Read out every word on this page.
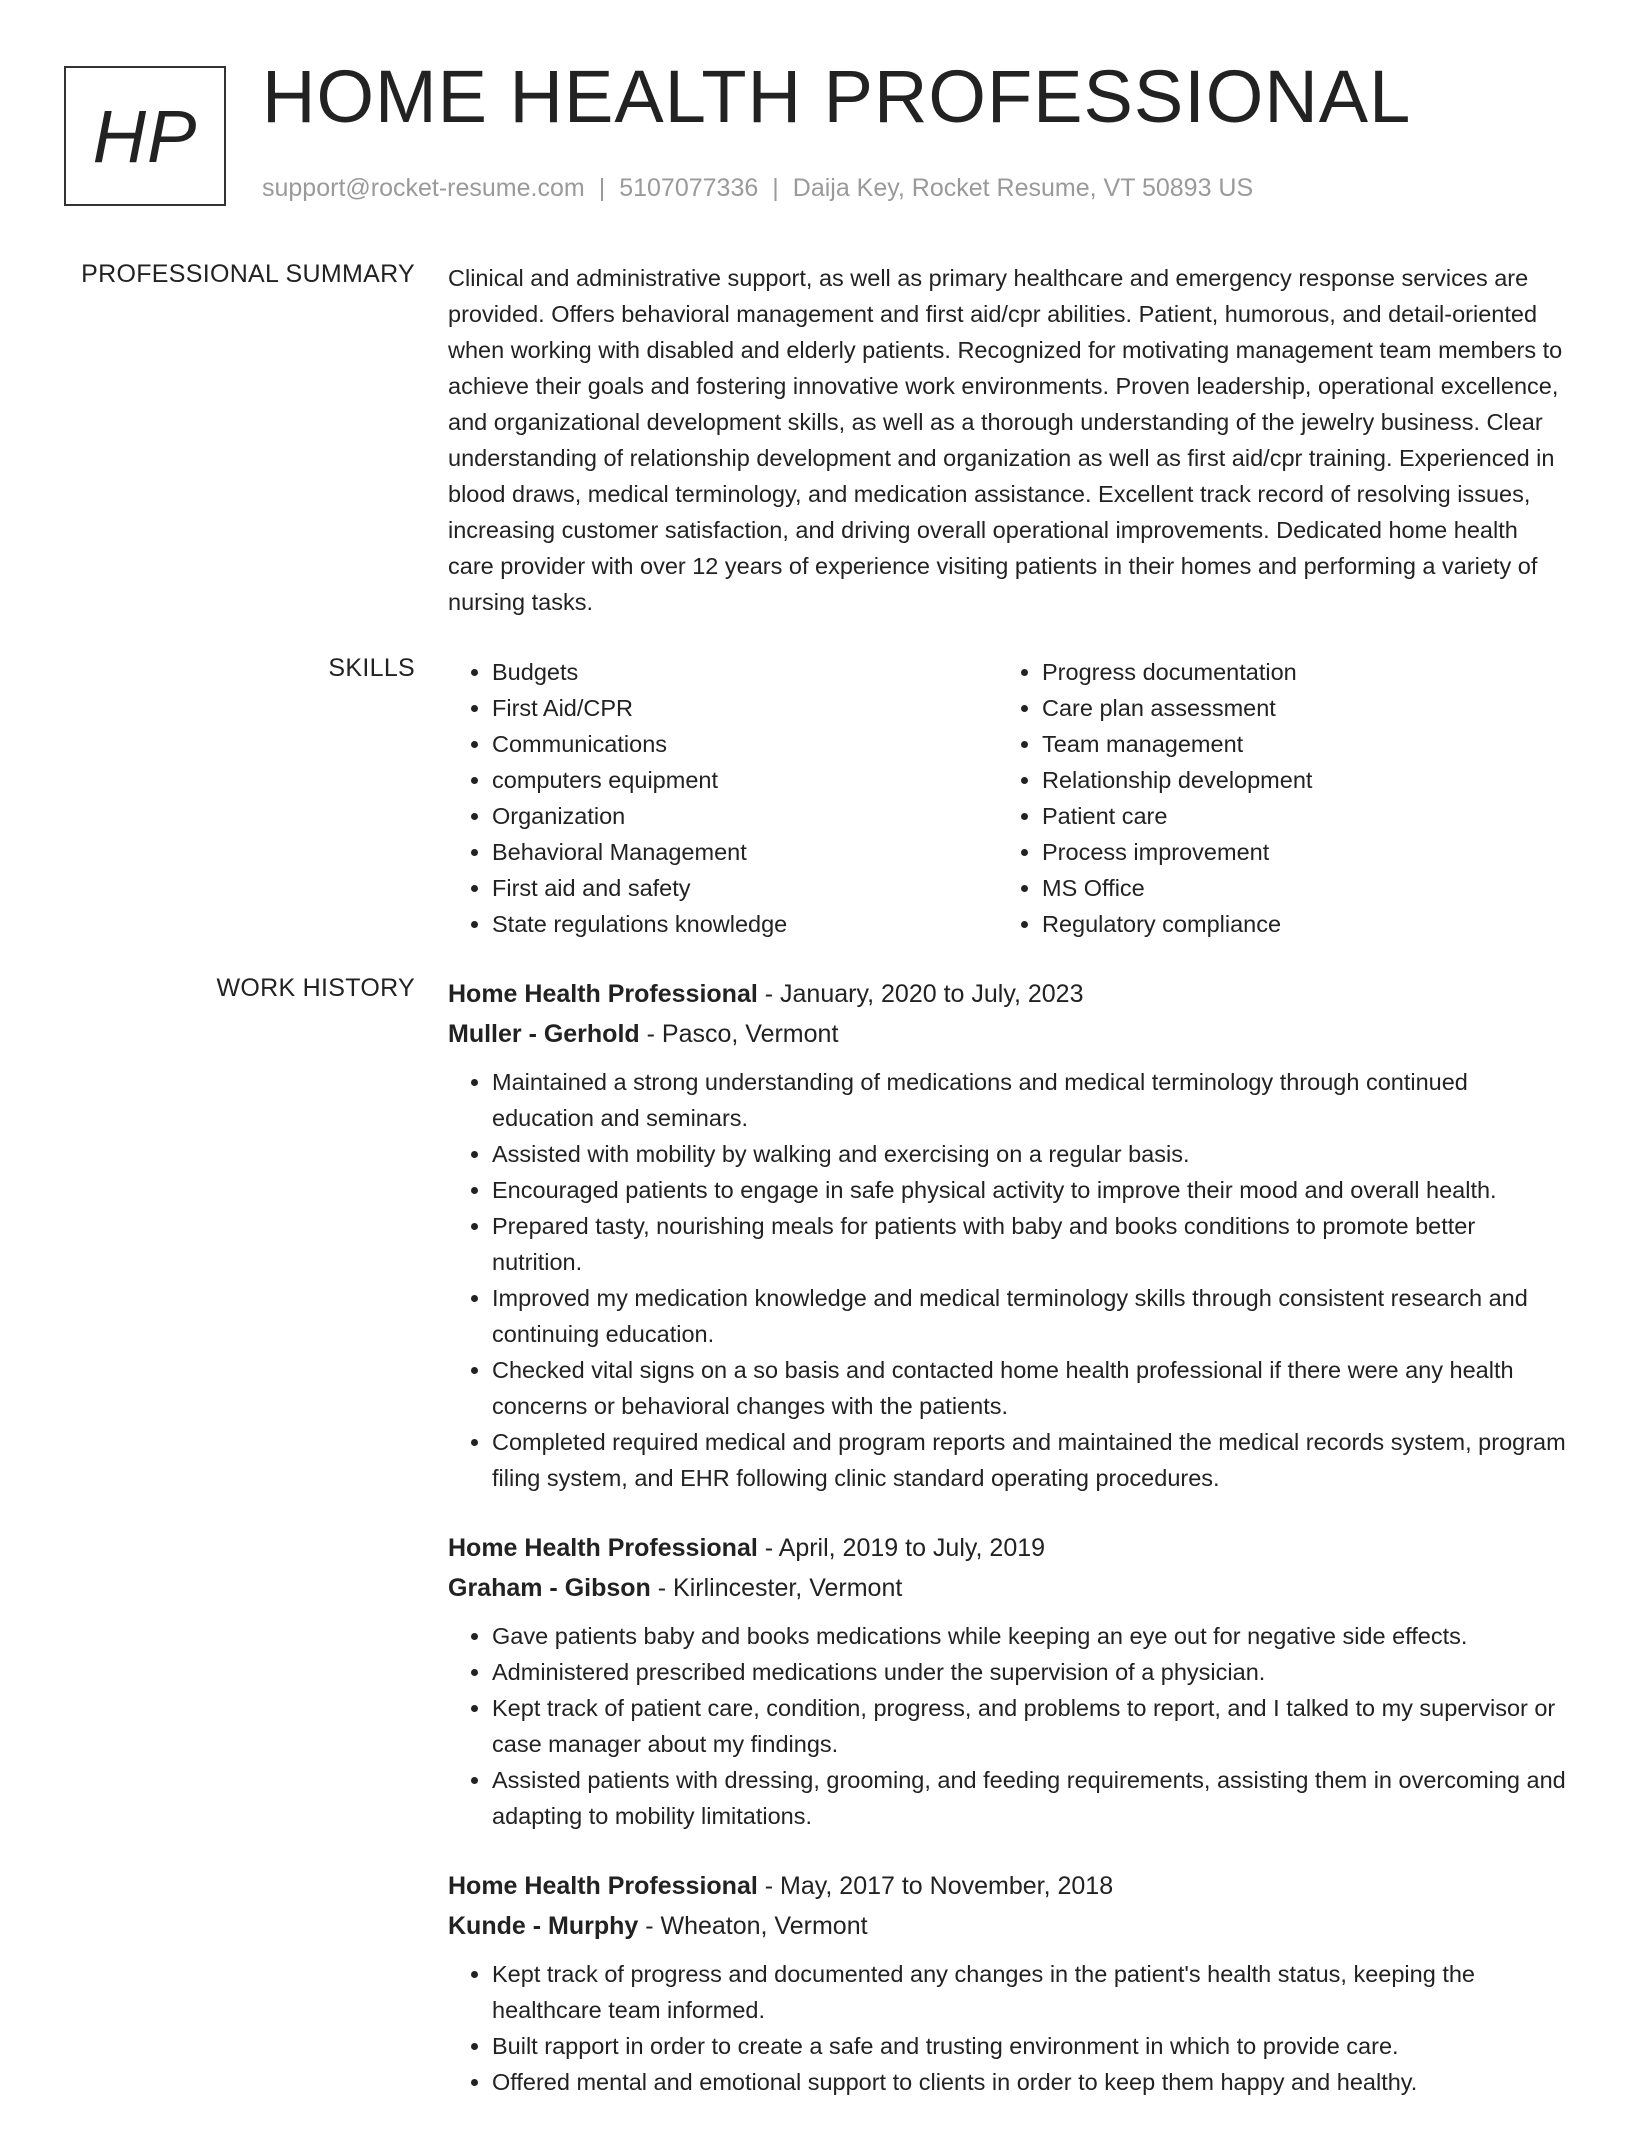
HP HOME HEALTH PROFESSIONAL
support@rocket-resume.com | 5107077336 | Daija Key, Rocket Resume, VT 50893 US
PROFESSIONAL SUMMARY Clinical and administrative support, as well as primary healthcare and emergency response services are provided. Offers behavioral management and first aid/cpr abilities. Patient, humorous, and detail-oriented when working with disabled and elderly patients. Recognized for motivating management team members to achieve their goals and fostering innovative work environments. Proven leadership, operational excellence, and organizational development skills, as well as a thorough understanding of the jewelry business. Clear understanding of relationship development and organization as well as first aid/cpr training. Experienced in blood draws, medical terminology, and medication assistance. Excellent track record of resolving issues, increasing customer satisfaction, and driving overall operational improvements. Dedicated home health care provider with over 12 years of experience visiting patients in their homes and performing a variety of nursing tasks.

SKILLS
•	Budgets
• First Aid/CPR
• Communications
• computers equipment
• Organization
• Behavioral Management
• First aid and safety
• State regulations knowledge
• Progress documentation
• Care plan assessment
• Team management
• Relationship development
• Patient care
• Process improvement
• MS Office
• Regulatory compliance
WORK HISTORY Home Health Professional - January, 2020 to July, 2023
Muller - Gerhold - Pasco, Vermont
• Maintained a strong understanding of medications and medical terminology through continued education and seminars.
• Assisted with mobility by walking and exercising on a regular basis.
• Encouraged patients to engage in safe physical activity to improve their mood and overall health.
• Prepared tasty, nourishing meals for patients with baby and books conditions to promote better nutrition.
• Improved my medication knowledge and medical terminology skills through consistent research and continuing education.
• Checked vital signs on a so basis and contacted home health professional if there were any health concerns or behavioral changes with the patients.
• Completed required medical and program reports and maintained the medical records system, program filing system, and EHR following clinic standard operating procedures.
Home Health Professional - April, 2019 to July, 2019
Graham - Gibson - Kirlincester, Vermont
• Gave patients baby and books medications while keeping an eye out for negative side effects.
• Administered prescribed medications under the supervision of a physician.
• Kept track of patient care, condition, progress, and problems to report, and I talked to my supervisor or case manager about my findings.
• Assisted patients with dressing, grooming, and feeding requirements, assisting them in overcoming and adapting to mobility limitations.
Home Health Professional - May, 2017 to November, 2018
Kunde - Murphy - Wheaton, Vermont
• Kept track of progress and documented any changes in the patient's health status, keeping the healthcare team informed.
• Built rapport in order to create a safe and trusting environment in which to provide care.
• Offered mental and emotional support to clients in order to keep them happy and healthy.
